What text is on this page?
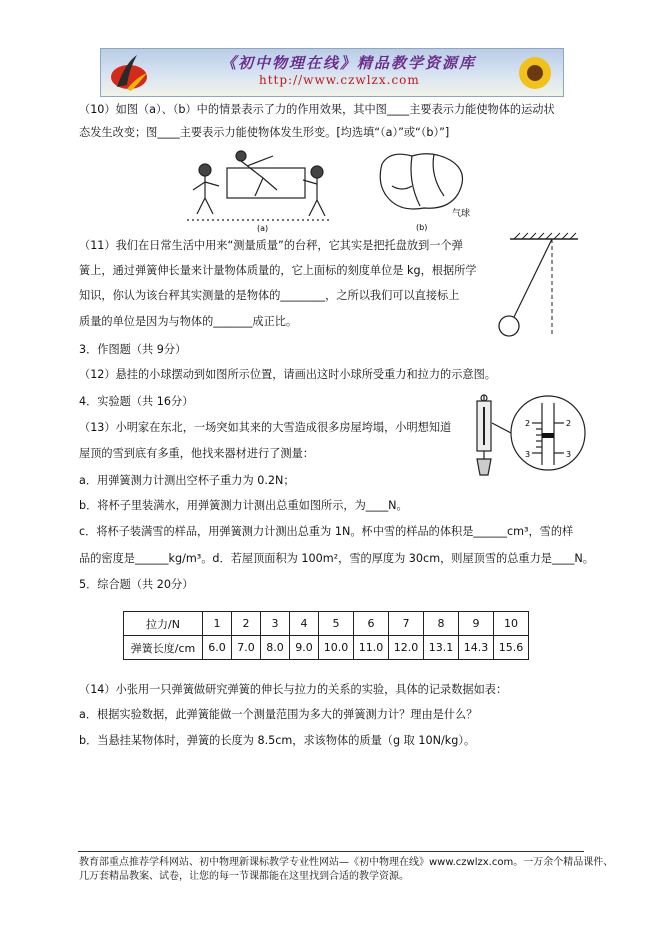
《初中物理在线》精品教学资源库
http://www.czwlzx.com
（10）如图（a）、（b）中的情景表示了力的作用效果，其中图____主要表示力能使物体的运动状
态发生改变；图____主要表示力能使物体发生形变。[均选填“（a）”或“（b）”]
(a)
气球
(b)
（11）我们在日常生活中用来“测量质量”的台秤，它其实是把托盘放到一个弹
簧上，通过弹簧伸长量来计量物体质量的，它上面标的刻度单位是 kg，根据所学
知识，你认为该台秤其实测量的是物体的________，之所以我们可以直接标上
质量的单位是因为与物体的_______成正比。
3．作图题（共 9分）
（12）悬挂的小球摆动到如图所示位置，请画出这时小球所受重力和拉力的示意图。
4．实验题（共 16分）
（13）小明家在东北，一场突如其来的大雪造成很多房屋垮塌，小明想知道
屋顶的雪到底有多重，他找来器材进行了测量：
a．用弹簧测力计测出空杯子重力为 0.2N；
b．将杯子里装满水，用弹簧测力计测出总重如图所示，为____N。
c．将杯子装满雪的样品，用弹簧测力计测出总重为 1N。杯中雪的样品的体积是______cm³，雪的样
品的密度是______kg/m³。d．若屋顶面积为 100m²，雪的厚度为 30cm，则屋顶雪的总重力是____N。
2	2
3	3
5．综合题（共 20分）
拉力/N	1	2	3	4	5	6	7	8	9	10
弹簧长度/cm	6.0	7.0	8.0	9.0	10.0	11.0	12.0	13.1	14.3	15.6
（14）小张用一只弹簧做研究弹簧的伸长与拉力的关系的实验，具体的记录数据如表：
a．根据实验数据，此弹簧能做一个测量范围为多大的弹簧测力计？理由是什么？
b．当悬挂某物体时，弹簧的长度为 8.5cm，求该物体的质量（g 取 10N/kg）。
教育部重点推荐学科网站、初中物理新课标教学专业性网站—《初中物理在线》www.czwlzx.com。一万余个精品课件、
几万套精品教案、试卷，让您的每一节课都能在这里找到合适的教学资源。
